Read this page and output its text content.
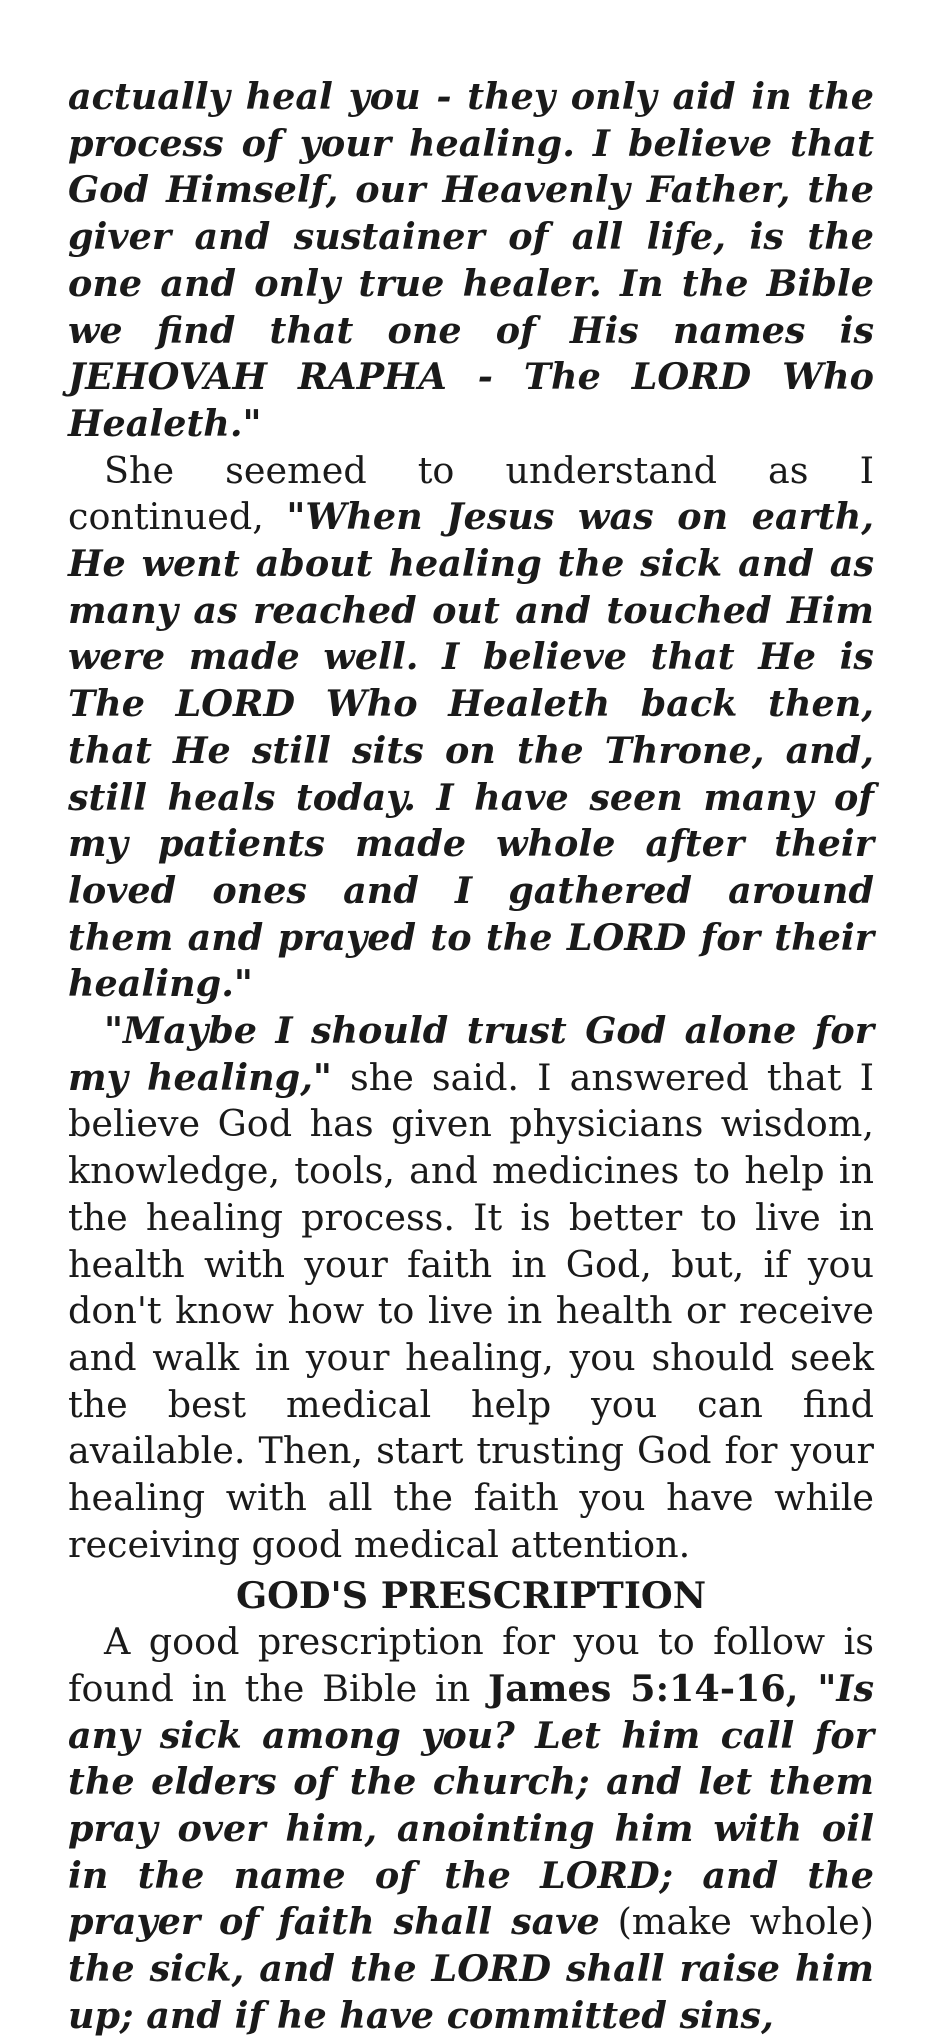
actually heal you - they only aid in the process of your healing. I believe that God Himself, our Heavenly Father, the giver and sustainer of all life, is the one and only true healer. In the Bible we find that one of His names is JEHOVAH RAPHA - The LORD Who Healeth."

She seemed to understand as I continued, "When Jesus was on earth, He went about healing the sick and as many as reached out and touched Him were made well. I believe that He is The LORD Who Healeth back then, that He still sits on the Throne, and, still heals today. I have seen many of my patients made whole after their loved ones and I gathered around them and prayed to the LORD for their healing."

"Maybe I should trust God alone for my healing," she said. I answered that I believe God has given physicians wisdom, knowledge, tools, and medicines to help in the healing process. It is better to live in health with your faith in God, but, if you don't know how to live in health or receive and walk in your healing, you should seek the best medical help you can find available. Then, start trusting God for your healing with all the faith you have while receiving good medical attention.

GOD'S PRESCRIPTION

A good prescription for you to follow is found in the Bible in James 5:14-16, "Is any sick among you? Let him call for the elders of the church; and let them pray over him, anointing him with oil in the name of the LORD; and the prayer of faith shall save (make whole) the sick, and the LORD shall raise him up; and if he have committed sins,
